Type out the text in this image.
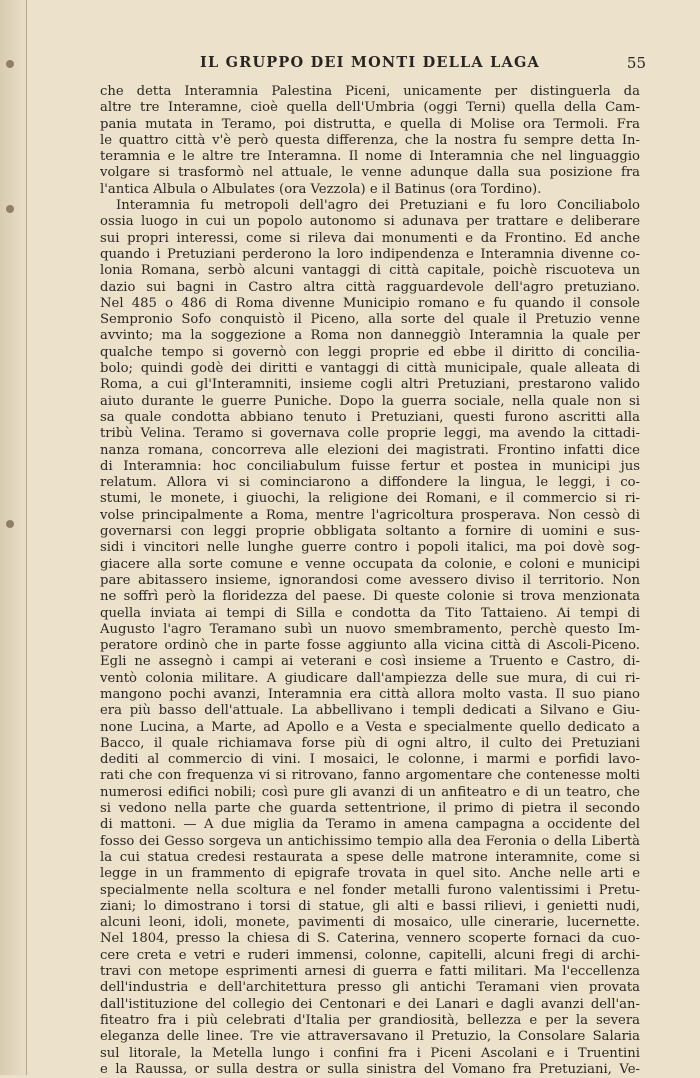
IL GRUPPO DEI MONTI DELLA LAGA	55
che detta Interamnia Palestina Piceni, unicamente per distinguerla da
altre tre Interamne, cioè quella dell'Umbria (oggi Terni) quella della Cam-
pania mutata in Teramo, poi distrutta, e quella di Molise ora Termoli. Fra
le quattro città v'è però questa differenza, che la nostra fu sempre detta In-
teramnia e le altre tre Interamna. Il nome di Interamnia che nel linguaggio
volgare si trasformò nel attuale, le venne adunque dalla sua posizione fra
l'antica Albula o Albulates (ora Vezzola) e il Batinus (ora Tordino).
Interamnia fu metropoli dell'agro dei Pretuziani e fu loro Conciliabolo
ossia luogo in cui un popolo autonomo si adunava per trattare e deliberare
sui propri interessi, come si rileva dai monumenti e da Frontino. Ed anche
quando i Pretuziani perderono la loro indipendenza e Interamnia divenne co-
lonia Romana, serbò alcuni vantaggi di città capitale, poichè riscuoteva un
dazio sui bagni in Castro altra città ragguardevole dell'agro pretuziano.
Nel 485 o 486 di Roma divenne Municipio romano e fu quando il console
Sempronio Sofo conquistò il Piceno, alla sorte del quale il Pretuzio venne
avvinto; ma la soggezione a Roma non danneggiò Interamnia la quale per
qualche tempo si governò con leggi proprie ed ebbe il diritto di concilia-
bolo; quindi godè dei diritti e vantaggi di città municipale, quale alleata di
Roma, a cui gl'Interamniti, insieme cogli altri Pretuziani, prestarono valido
aiuto durante le guerre Puniche. Dopo la guerra sociale, nella quale non si
sa quale condotta abbiano tenuto i Pretuziani, questi furono ascritti alla
tribù Velina. Teramo si governava colle proprie leggi, ma avendo la cittadi-
nanza romana, concorreva alle elezioni dei magistrati. Frontino infatti dice
di Interamnia: hoc conciliabulum fuisse fertur et postea in municipi jus
relatum. Allora vi si cominciarono a diffondere la lingua, le leggi, i co-
stumi, le monete, i giuochi, la religione dei Romani, e il commercio si ri-
volse principalmente a Roma, mentre l'agricoltura prosperava. Non cessò di
governarsi con leggi proprie obbligata soltanto a fornire di uomini e sus-
sidi i vincitori nelle lunghe guerre contro i popoli italici, ma poi dovè sog-
giacere alla sorte comune e venne occupata da colonie, e coloni e municipi
pare abitassero insieme, ignorandosi come avessero diviso il territorio. Non
ne soffrì però la floridezza del paese. Di queste colonie si trova menzionata
quella inviata ai tempi di Silla e condotta da Tito Tattaieno. Ai tempi di
Augusto l'agro Teramano subì un nuovo smembramento, perchè questo Im-
peratore ordinò che in parte fosse aggiunto alla vicina città di Ascoli-Piceno.
Egli ne assegnò i campi ai veterani e così insieme a Truento e Castro, di-
ventò colonia militare. A giudicare dall'ampiezza delle sue mura, di cui ri-
mangono pochi avanzi, Interamnia era città allora molto vasta. Il suo piano
era più basso dell'attuale. La abbellivano i templi dedicati a Silvano e Giu-
none Lucina, a Marte, ad Apollo e a Vesta e specialmente quello dedicato a
Bacco, il quale richiamava forse più di ogni altro, il culto dei Pretuziani
dediti al commercio di vini. I mosaici, le colonne, i marmi e porfidi lavo-
rati che con frequenza vi si ritrovano, fanno argomentare che contenesse molti
numerosi edifici nobili; così pure gli avanzi di un anfiteatro e di un teatro, che
si vedono nella parte che guarda settentrione, il primo di pietra il secondo
di mattoni. — A due miglia da Teramo in amena campagna a occidente del
fosso dei Gesso sorgeva un antichissimo tempio alla dea Feronia o della Libertà
la cui statua credesi restaurata a spese delle matrone interamnite, come si
legge in un frammento di epigrafe trovata in quel sito. Anche nelle arti e
specialmente nella scoltura e nel fonder metalli furono valentissimi i Pretu-
ziani; lo dimostrano i torsi di statue, gli alti e bassi rilievi, i genietti nudi,
alcuni leoni, idoli, monete, pavimenti di mosaico, ulle cinerarie, lucernette.
Nel 1804, presso la chiesa di S. Caterina, vennero scoperte fornaci da cuo-
cere creta e vetri e ruderi immensi, colonne, capitelli, alcuni fregi di archi-
travi con metope esprimenti arnesi di guerra e fatti militari. Ma l'eccellenza
dell'industria e dell'architettura presso gli antichi Teramani vien provata
dall'istituzione del collegio dei Centonari e dei Lanari e dagli avanzi dell'an-
fiteatro fra i più celebrati d'Italia per grandiosità, bellezza e per la severa
eleganza delle linee. Tre vie attraversavano il Pretuzio, la Consolare Salaria
sul litorale, la Metella lungo i confini fra i Piceni Ascolani e i Truentini
e la Raussa, or sulla destra or sulla sinistra del Vomano fra Pretuziani, Ve-
